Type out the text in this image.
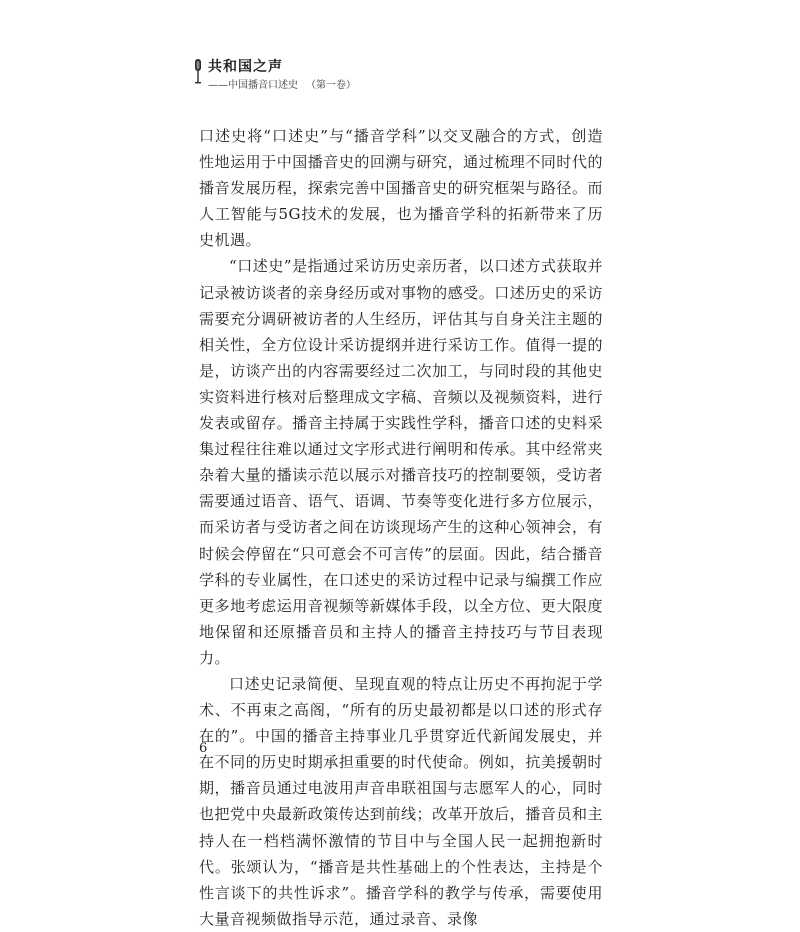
共和国之声
——中国播音口述史 （第一卷）

口述史将“口述史”与“播音学科”以交叉融合的方式，创造性地运用于中国播音史的回溯与研究，通过梳理不同时代的播音发展历程，探索完善中国播音史的研究框架与路径。而人工智能与5G技术的发展，也为播音学科的拓新带来了历史机遇。

“口述史”是指通过采访历史亲历者，以口述方式获取并记录被访谈者的亲身经历或对事物的感受。口述历史的采访需要充分调研被访者的人生经历，评估其与自身关注主题的相关性，全方位设计采访提纲并进行采访工作。值得一提的是，访谈产出的内容需要经过二次加工，与同时段的其他史实资料进行核对后整理成文字稿、音频以及视频资料，进行发表或留存。播音主持属于实践性学科，播音口述的史料采集过程往往难以通过文字形式进行阐明和传承。其中经常夹杂着大量的播读示范以展示对播音技巧的控制要领，受访者需要通过语音、语气、语调、节奏等变化进行多方位展示，而采访者与受访者之间在访谈现场产生的这种心领神会，有时候会停留在“只可意会不可言传”的层面。因此，结合播音学科的专业属性，在口述史的采访过程中记录与编撰工作应更多地考虑运用音视频等新媒体手段，以全方位、更大限度地保留和还原播音员和主持人的播音主持技巧与节目表现力。

口述史记录简便、呈现直观的特点让历史不再拘泥于学术、不再束之高阁，“所有的历史最初都是以口述的形式存在的”。中国的播音主持事业几乎贯穿近代新闻发展史，并在不同的历史时期承担重要的时代使命。例如，抗美援朝时期，播音员通过电波用声音串联祖国与志愿军人的心，同时也把党中央最新政策传达到前线；改革开放后，播音员和主持人在一档档满怀激情的节目中与全国人民一起拥抱新时代。张颂认为，“播音是共性基础上的个性表达，主持是个性言谈下的共性诉求”。播音学科的教学与传承，需要使用大量音视频做指导示范，通过录音、录像

6
